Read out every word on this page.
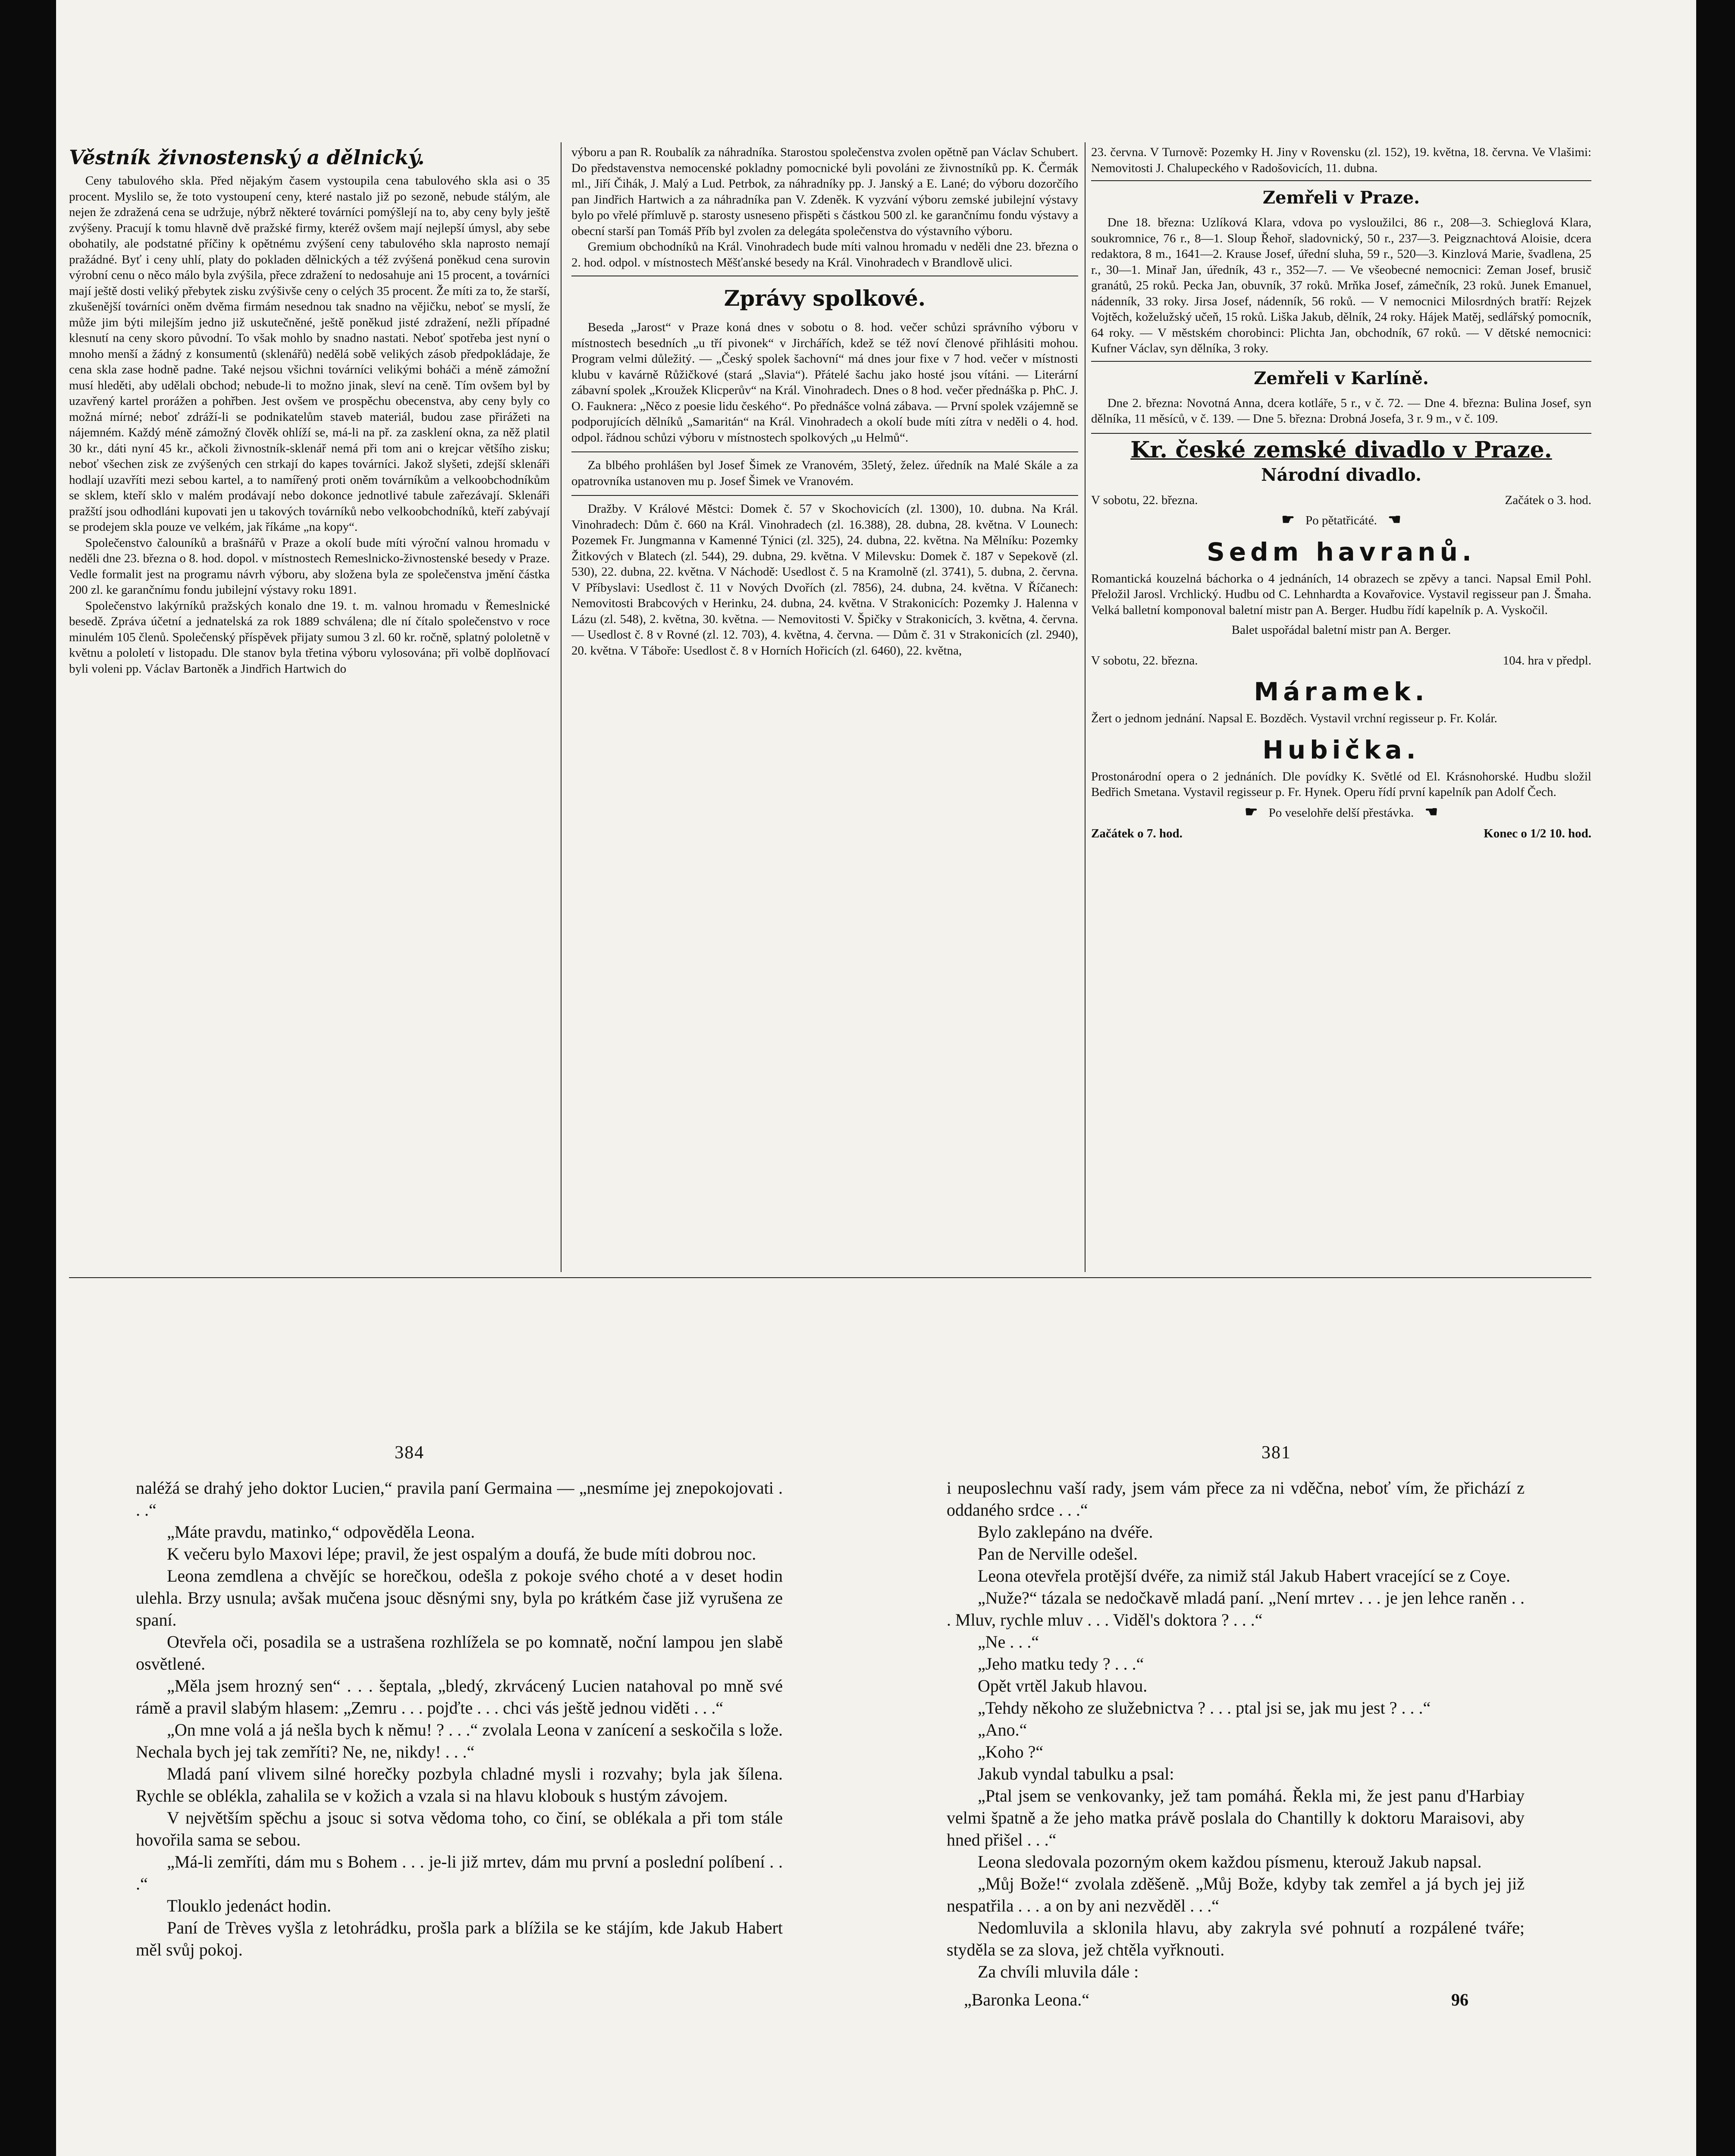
Věstník živnostenský a dělnický.

Ceny tabulového skla. Před nějakým časem vystoupila cena tabulového skla asi o 35 procent. Myslilo se, že toto vystoupení ceny, které nastalo již po sezoně, nebude stálým, ale nejen že zdražená cena se udržuje, nýbrž některé továrníci pomýšlejí na to, aby ceny byly ještě zvýšeny. Pracují k tomu hlavně dvě pražské firmy, kteréž ovšem mají nejlepší úmysl, aby sebe obohatily, ale podstatné příčiny k opětnému zvýšení ceny tabulového skla naprosto nemají pražádné. Byť i ceny uhlí, platy do pokladen dělnických a též zvýšená poněkud cena surovin výrobní cenu o něco málo byla zvýšila, přece zdražení to nedosahuje ani 15 procent, a továrníci mají ještě dosti veliký přebytek zisku zvýšivše ceny o celých 35 procent. Že míti za to, že starší, zkušenější továrníci oněm dvěma firmám nesednou tak snadno na vějičku, neboť se myslí, že může jim býti milejším jedno již uskutečněné, ještě poněkud jisté zdražení, nežli případné klesnutí na ceny skoro původní. To však mohlo by snadno nastati. Neboť spotřeba jest nyní o mnoho menší a žádný z konsumentů (sklenářů) nedělá sobě velikých zásob předpokládaje, že cena skla zase hodně padne. Také nejsou všichni továrníci velikými boháči a méně zámožní musí hleděti, aby udělali obchod; nebude-li to možno jinak, sleví na ceně. Tím ovšem byl by uzavřený kartel prorážen a pohřben. Jest ovšem ve prospěchu obecenstva, aby ceny byly co možná mírné; neboť zdráží-li se podnikatelům staveb materiál, budou zase přirážeti na nájemném. Každý méně zámožný člověk ohlíží se, má-li na př. za zasklení okna, za něž platil 30 kr., dáti nyní 45 kr., ačkoli živnostník-sklenář nemá při tom ani o krejcar většího zisku; neboť všechen zisk ze zvýšených cen strkají do kapes továrníci. Jakož slyšeti, zdejší sklenáři hodlají uzavříti mezi sebou kartel, a to namířený proti oněm továrníkům a velkoobchodníkům se sklem, kteří sklo v malém prodávají nebo dokonce jednotlivé tabule zařezávají. Sklenáři pražští jsou odhodláni kupovati jen u takových továrníků nebo velkoobchodníků, kteří zabývají se prodejem skla pouze ve velkém, jak říkáme „na kopy“.

Společenstvo čalouníků a brašnářů v Praze a okolí bude míti výroční valnou hromadu v neděli dne 23. března o 8. hod. dopol. v místnostech Remeslnicko-živnostenské besedy v Praze. Vedle formalit jest na programu návrh výboru, aby složena byla ze společenstva jmění částka 200 zl. ke garančnímu fondu jubilejní výstavy roku 1891.

Společenstvo lakýrníků pražských konalo dne 19. t. m. valnou hromadu v Řemeslnické besedě. Zpráva účetní a jednatelská za rok 1889 schválena; dle ní čítalo společenstvo v roce minulém 105 členů. Společenský příspěvek přijaty sumou 3 zl. 60 kr. ročně, splatný pololetně v květnu a pololetí v listopadu. Dle stanov byla třetina výboru vylosována; při volbě doplňovací byli voleni pp. Václav Bartoněk a Jindřich Hartwich do

výboru a pan R. Roubalík za náhradníka. Starostou společenstva zvolen opětně pan Václav Schubert. Do představenstva nemocenské pokladny pomocnické byli povoláni ze živnostníků pp. K. Čermák ml., Jiří Čihák, J. Malý a Lud. Petrbok, za náhradníky pp. J. Janský a E. Lané; do výboru dozorčího pan Jindřich Hartwich a za náhradníka pan V. Zdeněk. K vyzvání výboru zemské jubilejní výstavy bylo po vřelé přímluvě p. starosty usneseno přispěti s částkou 500 zl. ke garančnímu fondu výstavy a obecní starší pan Tomáš Příb byl zvolen za delegáta společenstva do výstavního výboru.

Gremium obchodníků na Král. Vinohradech bude míti valnou hromadu v neděli dne 23. března o 2. hod. odpol. v místnostech Měšťanské besedy na Král. Vinohradech v Brandlově ulici.

Zprávy spolkové.

Beseda „Jarost“ v Praze koná dnes v sobotu o 8. hod. večer schůzi správního výboru v místnostech besedních „u tří pivonek“ v Jirchářích, kdež se též noví členové přihlásiti mohou. Program velmi důležitý. — „Český spolek šachovní“ má dnes jour fixe v 7 hod. večer v místnosti klubu v kavárně Růžičkové (stará „Slavia“). Přátelé šachu jako hosté jsou vítáni. — Literární zábavní spolek „Kroužek Klicperův“ na Král. Vinohradech. Dnes o 8 hod. večer přednáška p. PhC. J. O. Fauknera: „Něco z poesie lidu českého“. Po přednášce volná zábava. — První spolek vzájemně se podporujících dělníků „Samaritán“ na Král. Vinohradech a okolí bude míti zítra v neděli o 4. hod. odpol. řádnou schůzi výboru v místnostech spolkových „u Helmů“.

Za blbého prohlášen byl Josef Šimek ze Vranovém, 35letý, želez. úředník na Malé Skále a za opatrovníka ustanoven mu p. Josef Šimek ve Vranovém.

Dražby. V Králové Městci: Domek č. 57 v Skochovicích (zl. 1300), 10. dubna. Na Král. Vinohradech: Dům č. 660 na Král. Vinohradech (zl. 16.388), 28. dubna, 28. května. V Lounech: Pozemek Fr. Jungmanna v Kamenné Týnici (zl. 325), 24. dubna, 22. května. Na Mělníku: Pozemky Žitkových v Blatech (zl. 544), 29. dubna, 29. května. V Milevsku: Domek č. 187 v Sepekově (zl. 530), 22. dubna, 22. května. V Náchodě: Usedlost č. 5 na Kramolně (zl. 3741), 5. dubna, 2. června. V Příbyslavi: Usedlost č. 11 v Nových Dvořích (zl. 7856), 24. dubna, 24. května. V Říčanech: Nemovitosti Brabcových v Herinku, 24. dubna, 24. května. V Strakonicích: Pozemky J. Halenna v Lázu (zl. 548), 2. května, 30. května. — Nemovitosti V. Špičky v Strakonicích, 3. května, 4. června. — Usedlost č. 8 v Rovné (zl. 12. 703), 4. května, 4. června. — Dům č. 31 v Strakonicích (zl. 2940), 20. května. V Táboře: Usedlost č. 8 v Horních Hořicích (zl. 6460), 22. května,

23. června. V Turnově: Pozemky H. Jiny v Rovensku (zl. 152), 19. května, 18. června. Ve Vlašimi: Nemovitosti J. Chalupeckého v Radošovicích, 11. dubna.

Zemřeli v Praze.

Dne 18. března: Uzlíková Klara, vdova po vysloužilci, 86 r., 208—3. Schieglová Klara, soukromnice, 76 r., 8—1. Sloup Řehoř, sladovnický, 50 r., 237—3. Peigznachtová Aloisie, dcera redaktora, 8 m., 1641—2. Krause Josef, úřední sluha, 59 r., 520—3. Kinzlová Marie, švadlena, 25 r., 30—1. Minař Jan, úředník, 43 r., 352—7. — Ve všeobecné nemocnici: Zeman Josef, brusič granátů, 25 roků. Pecka Jan, obuvník, 37 roků. Mrňka Josef, zámečník, 23 roků. Junek Emanuel, nádenník, 33 roky. Jirsa Josef, nádenník, 56 roků. — V nemocnici Milosrdných bratří: Rejzek Vojtěch, koželužský učeň, 15 roků. Liška Jakub, dělník, 24 roky. Hájek Matěj, sedlářský pomocník, 64 roky. — V městském chorobinci: Plichta Jan, obchodník, 67 roků. — V dětské nemocnici: Kufner Václav, syn dělníka, 3 roky.

Zemřeli v Karlíně.

Dne 2. března: Novotná Anna, dcera kotláře, 5 r., v č. 72. — Dne 4. března: Bulina Josef, syn dělníka, 11 měsíců, v č. 139. — Dne 5. března: Drobná Josefa, 3 r. 9 m., v č. 109.

Kr. české zemské divadlo v Praze.
Národní divadlo.
V sobotu, 22. března.	Začátek o 3. hod.
☛ Po pětatřicáté. ☚
Sedm havranů.

Romantická kouzelná báchorka o 4 jednáních, 14 obrazech se zpěvy a tanci. Napsal Emil Pohl. Přeložil Jarosl. Vrchlický. Hudbu od C. Lehnhardta a Kovařovice. Vystavil regisseur pan J. Šmaha. Velká balletní komponoval baletní mistr pan A. Berger. Hudbu řídí kapelník p. A. Vyskočil.

Balet uspořádal baletní mistr pan A. Berger.

V sobotu, 22. března.	104. hra v předpl.
Máramek.

Žert o jednom jednání. Napsal E. Bozděch. Vystavil vrchní regisseur p. Fr. Kolár.

Hubička.

Prostonárodní opera o 2 jednáních. Dle povídky K. Světlé od El. Krásnohorské. Hudbu složil Bedřich Smetana. Vystavil regisseur p. Fr. Hynek. Operu řídí první kapelník pan Adolf Čech.

☛ Po veselohře delší přestávka. ☚
Začátek o 7. hod.	Konec o 1/2 10. hod.
384	381

naléžá se drahý jeho doktor Lucien,“ pravila paní Germaina — „nesmíme jej znepokojovati . . .“

„Máte pravdu, matinko,“ odpověděla Leona.

K večeru bylo Maxovi lépe; pravil, že jest ospalým a doufá, že bude míti dobrou noc.

Leona zemdlena a chvějíc se horečkou, odešla z pokoje svého choté a v deset hodin ulehla. Brzy usnula; avšak mučena jsouc děsnými sny, byla po krátkém čase již vyrušena ze spaní.

Otevřela oči, posadila se a ustrašena rozhlížela se po komnatě, noční lampou jen slabě osvětlené.

„Měla jsem hrozný sen“ . . . šeptala, „bledý, zkrvácený Lucien natahoval po mně své rámě a pravil slabým hlasem: „Zemru . . . pojďte . . . chci vás ještě jednou viděti . . .“

„On mne volá a já nešla bych k němu! ? . . .“ zvolala Leona v zanícení a seskočila s lože. Nechala bych jej tak zemříti? Ne, ne, nikdy! . . .“

Mladá paní vlivem silné horečky pozbyla chladné mysli i rozvahy; byla jak šílena. Rychle se oblékla, zahalila se v kožich a vzala si na hlavu klobouk s hustým závojem.

V největším spěchu a jsouc si sotva vědoma toho, co činí, se oblékala a při tom stále hovořila sama se sebou.

„Má-li zemříti, dám mu s Bohem . . . je-li již mrtev, dám mu první a poslední políbení . . .“

Tlouklo jedenáct hodin.

Paní de Trèves vyšla z letohrádku, prošla park a blížila se ke stájím, kde Jakub Habert měl svůj pokoj.

i neuposlechnu vaší rady, jsem vám přece za ni vděčna, neboť vím, že přichází z oddaného srdce . . .“

Bylo zaklepáno na dvéře.

Pan de Nerville odešel.

Leona otevřela protější dvéře, za nimiž stál Jakub Habert vracející se z Coye.

„Nuže?“ tázala se nedočkavě mladá paní. „Není mrtev . . . je jen lehce raněn . . . Mluv, rychle mluv . . . Viděl's doktora ? . . .“

„Ne . . .“

„Jeho matku tedy ? . . .“

Opět vrtěl Jakub hlavou.

„Tehdy někoho ze služebnictva ? . . . ptal jsi se, jak mu jest ? . . .“

„Ano.“

„Koho ?“

Jakub vyndal tabulku a psal:

„Ptal jsem se venkovanky, jež tam pomáhá. Řekla mi, že jest panu d'Harbiay velmi špatně a že jeho matka právě poslala do Chantilly k doktoru Maraisovi, aby hned přišel . . .“

Leona sledovala pozorným okem každou písmenu, kterouž Jakub napsal.

„Můj Bože!“ zvolala zděšeně. „Můj Bože, kdyby tak zemřel a já bych jej již nespatřila . . . a on by ani nezvěděl . . .“

Nedomluvila a sklonila hlavu, aby zakryla své pohnutí a rozpálené tváře; styděla se za slova, jež chtěla vyřknouti.

Za chvíli mluvila dále :

„Baronka Leona.“	96
